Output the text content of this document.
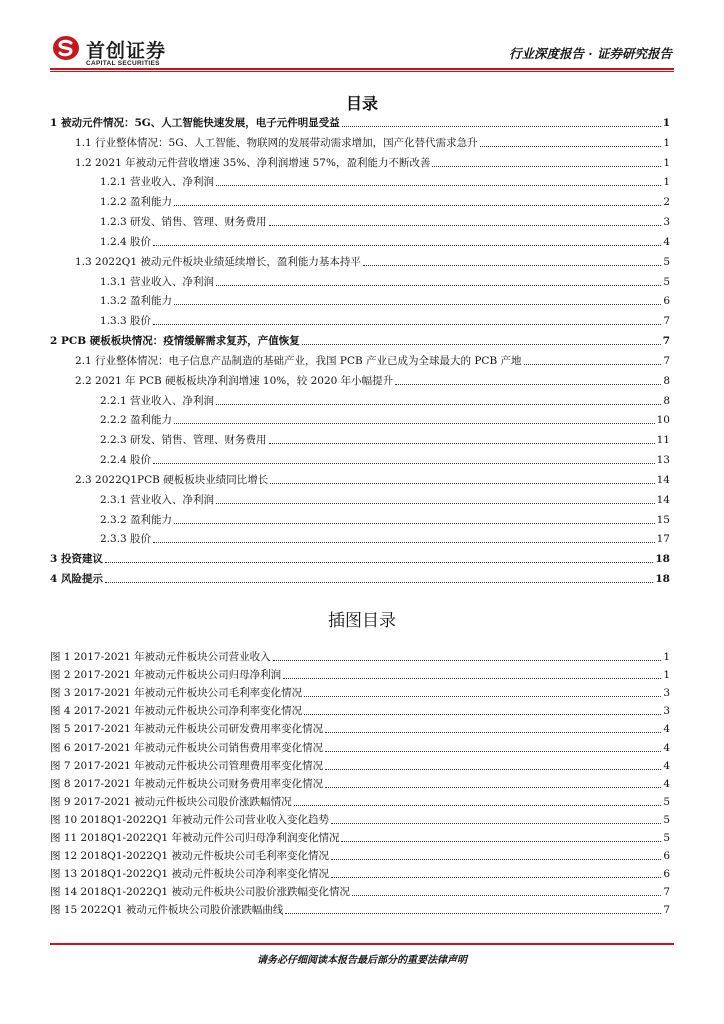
首创证券
CAPITAL SECURITIES
行业深度报告 · 证券研究报告
目录
1 被动元件情况：5G、人工智能快速发展，电子元件明显受益	1
1.1 行业整体情况：5G、人工智能、物联网的发展带动需求增加，国产化替代需求急升	1
1.2 2021 年被动元件营收增速 35%、净利润增速 57%，盈利能力不断改善	1
1.2.1 营业收入、净利润	1
1.2.2 盈利能力	2
1.2.3 研发、销售、管理、财务费用	3
1.2.4 股价	4
1.3 2022Q1 被动元件板块业绩延续增长，盈利能力基本持平	5
1.3.1 营业收入、净利润	5
1.3.2 盈利能力	6
1.3.3 股价	7
2 PCB 硬板板块情况：疫情缓解需求复苏，产值恢复	7
2.1 行业整体情况：电子信息产品制造的基础产业，我国 PCB 产业已成为全球最大的 PCB 产地	7
2.2 2021 年 PCB 硬板板块净利润增速 10%，较 2020 年小幅提升	8
2.2.1 营业收入、净利润	8
2.2.2 盈利能力	10
2.2.3 研发、销售、管理、财务费用	11
2.2.4 股价	13
2.3 2022Q1PCB 硬板板块业绩同比增长	14
2.3.1 营业收入、净利润	14
2.3.2 盈利能力	15
2.3.3 股价	17
3 投资建议	18
4 风险提示	18
插图目录
图 1 2017-2021 年被动元件板块公司营业收入	1
图 2 2017-2021 年被动元件板块公司归母净利润	1
图 3 2017-2021 年被动元件板块公司毛利率变化情况	3
图 4 2017-2021 年被动元件板块公司净利率变化情况	3
图 5 2017-2021 年被动元件板块公司研发费用率变化情况	4
图 6 2017-2021 年被动元件板块公司销售费用率变化情况	4
图 7 2017-2021 年被动元件板块公司管理费用率变化情况	4
图 8 2017-2021 年被动元件板块公司财务费用率变化情况	4
图 9 2017-2021 被动元件板块公司股价涨跌幅情况	5
图 10 2018Q1-2022Q1 年被动元件公司营业收入变化趋势	5
图 11 2018Q1-2022Q1 年被动元件公司归母净利润变化情况	5
图 12 2018Q1-2022Q1 被动元件板块公司毛利率变化情况	6
图 13 2018Q1-2022Q1 被动元件板块公司净利率变化情况	6
图 14 2018Q1-2022Q1 被动元件板块公司股价涨跌幅变化情况	7
图 15 2022Q1 被动元件板块公司股价涨跌幅曲线	7
请务必仔细阅读本报告最后部分的重要法律声明
